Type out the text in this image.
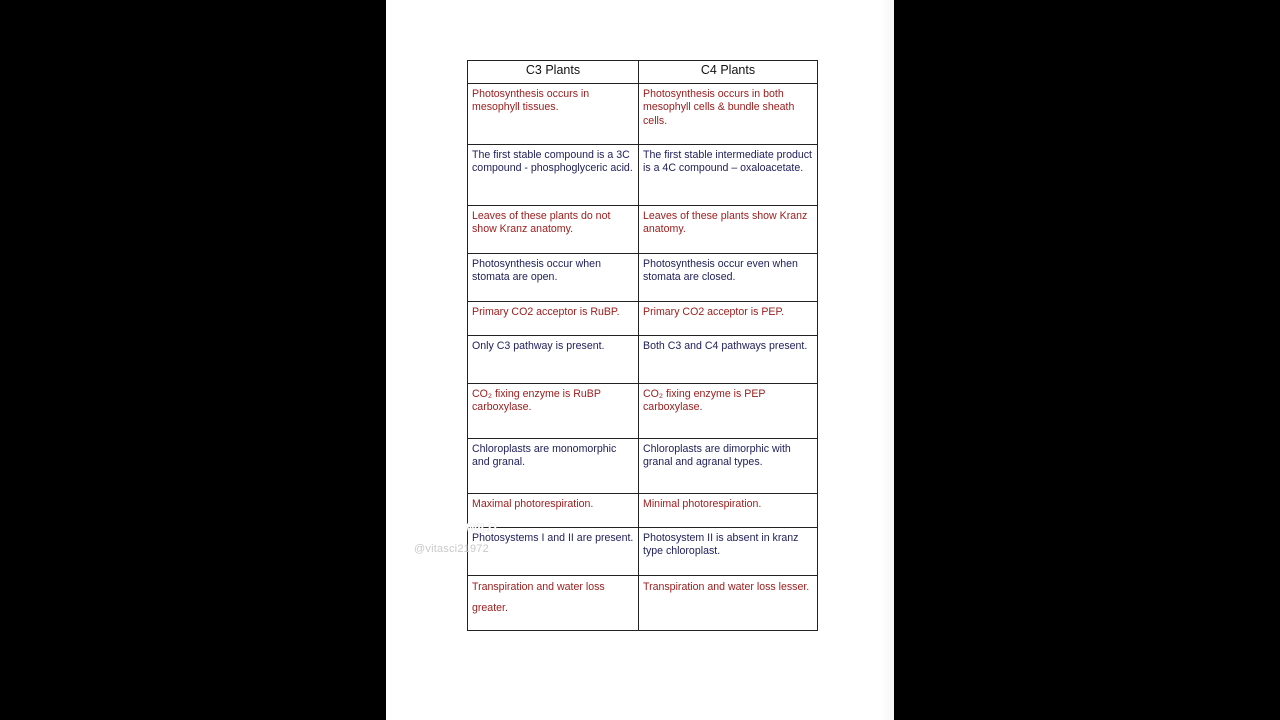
C3 Plants	C4 Plants
Photosynthesis occurs in mesophyll tissues.	Photosynthesis occurs in both mesophyll cells & bundle sheath cells.
The first stable compound is a 3C compound - phosphoglyceric acid.	The first stable intermediate product is a 4C compound – oxaloacetate.
Leaves of these plants do not show Kranz anatomy.	Leaves of these plants show Kranz anatomy.
Photosynthesis occur when stomata are open.	Photosynthesis occur even when stomata are closed.
Primary CO2 acceptor is RuBP.	Primary CO2 acceptor is PEP.
Only C3 pathway is present.	Both C3 and C4 pathways present.
CO₂ fixing enzyme is RuBP carboxylase.	CO₂ fixing enzyme is PEP carboxylase.
Chloroplasts are monomorphic and granal.	Chloroplasts are dimorphic with granal and agranal types.
Maximal photorespiration.	Minimal photorespiration.
Photosystems I and II are present.	Photosystem II is absent in kranz type chloroplast.
Transpiration and water loss greater.	Transpiration and water loss lesser.
WILD
@vitasci21972
